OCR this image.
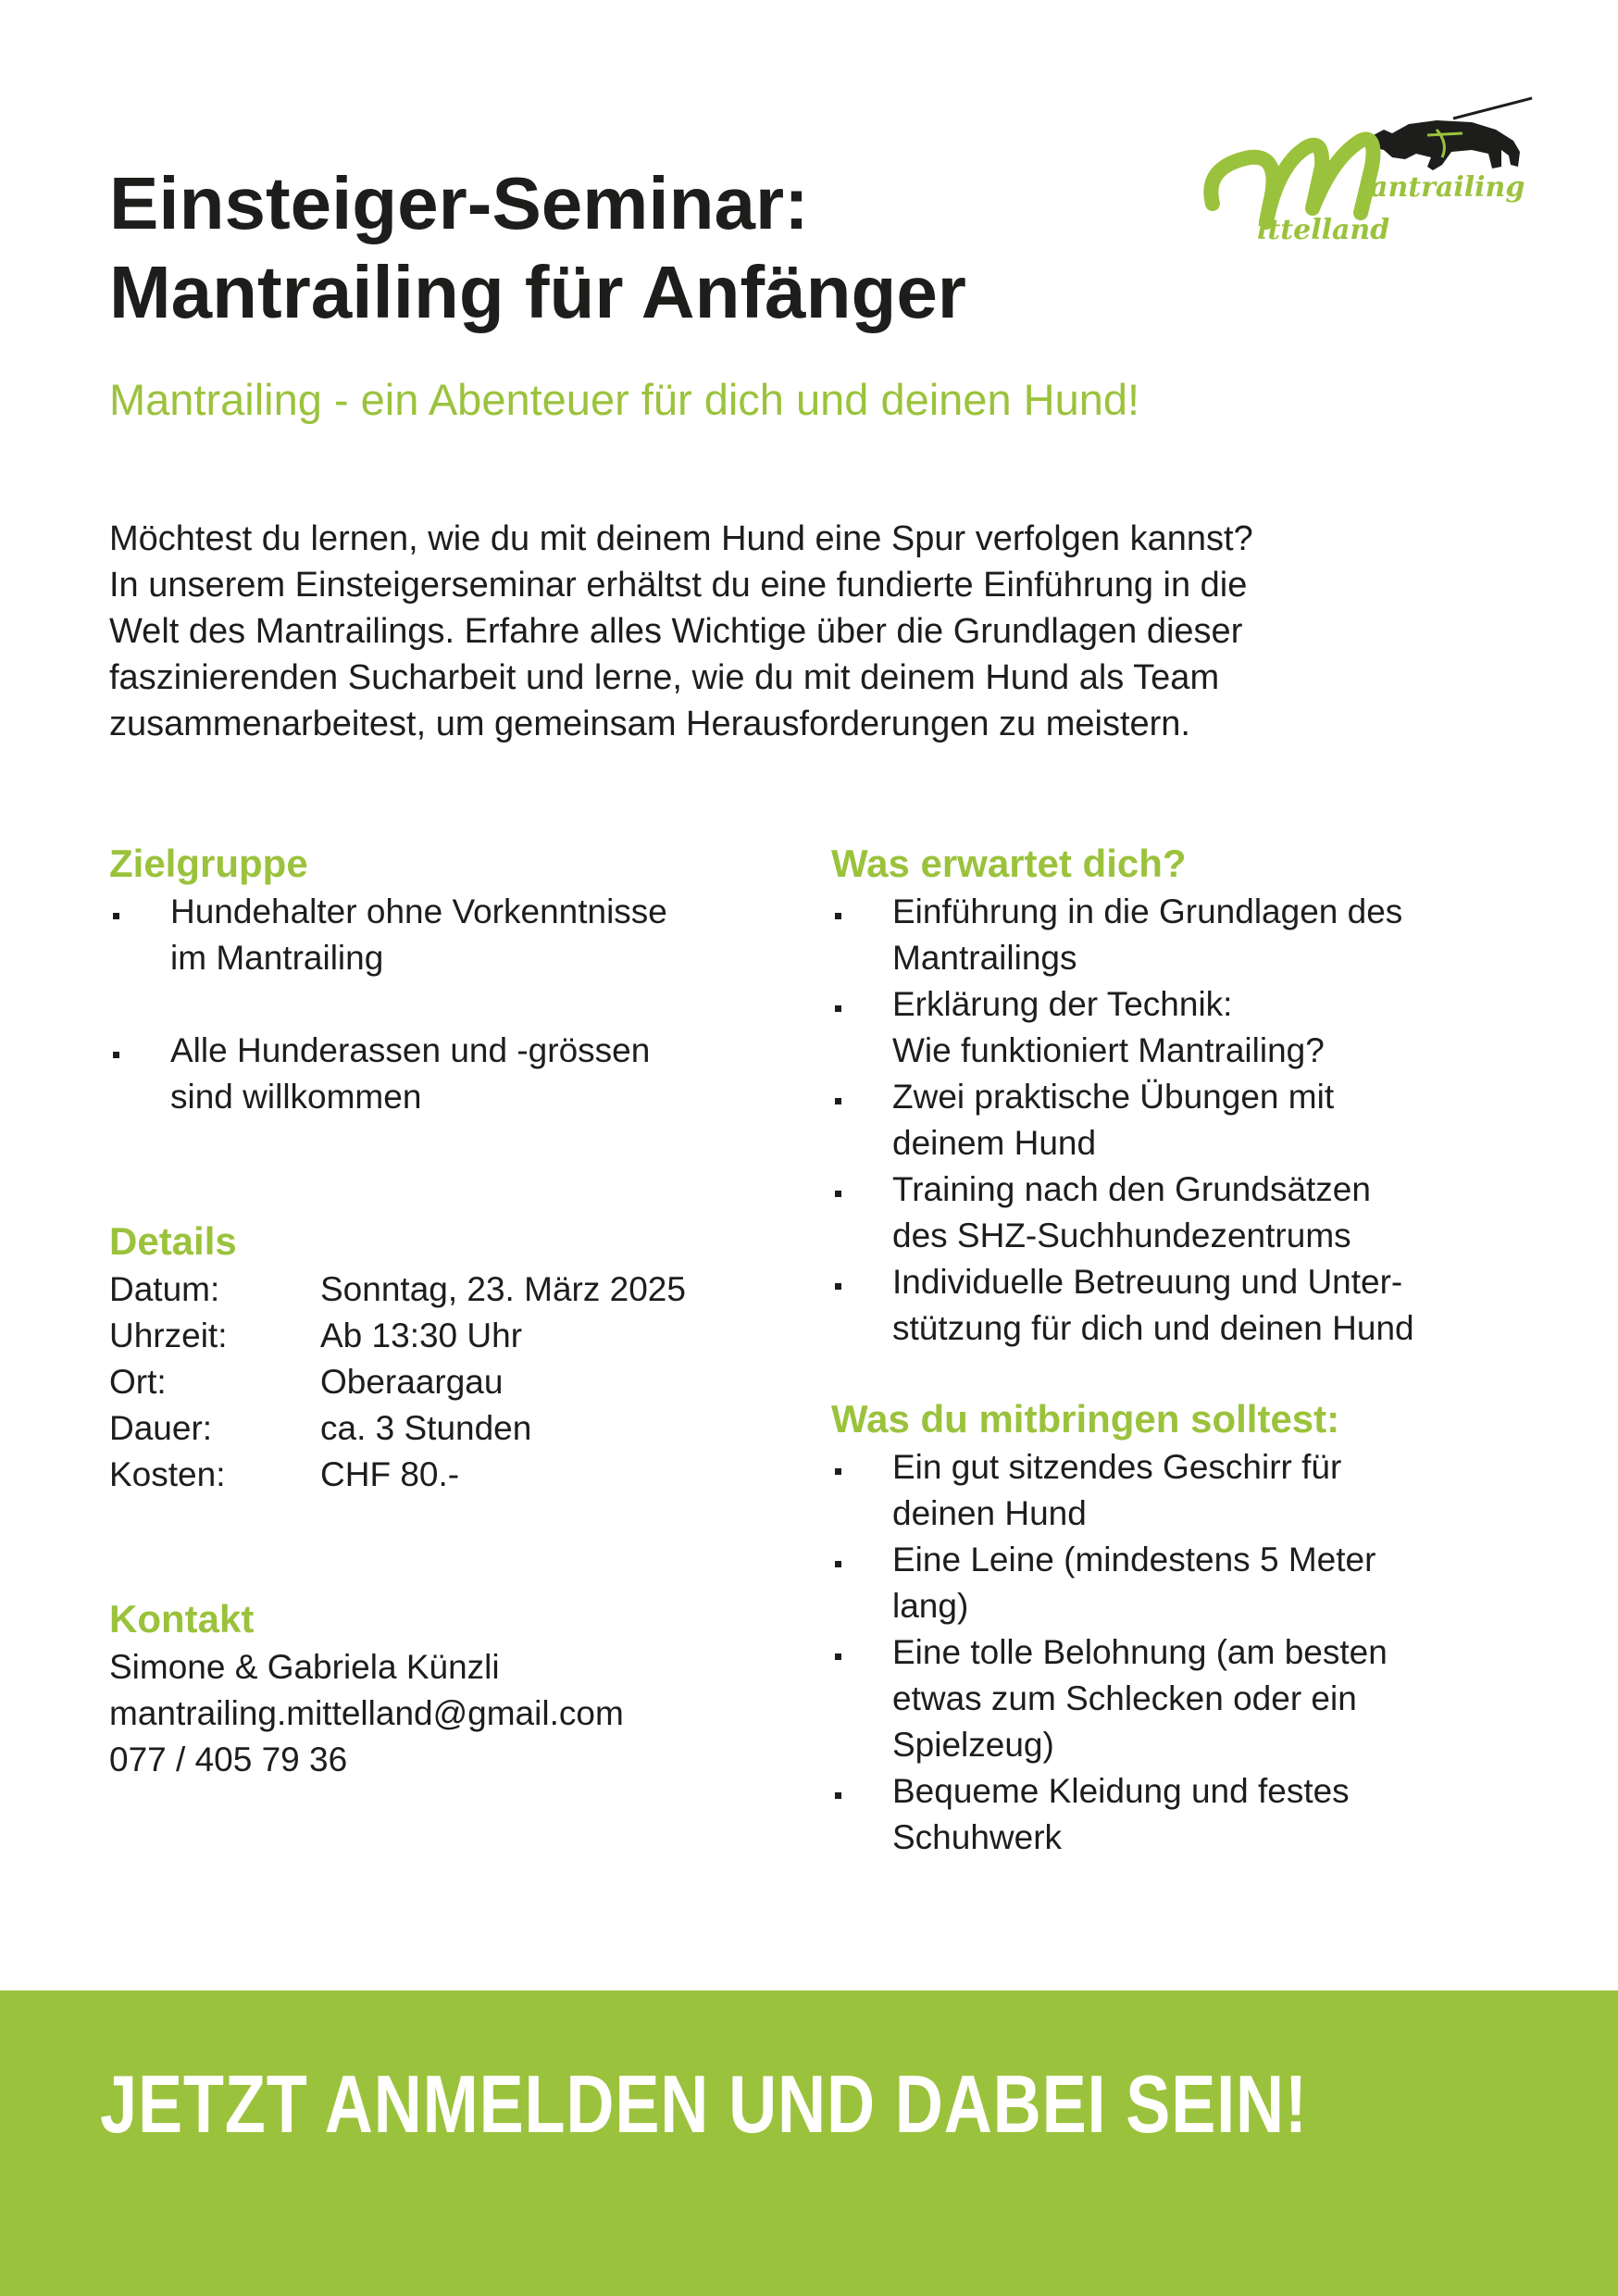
antrailing
ittelland
Einsteiger-Seminar:
Mantrailing für Anfänger
Mantrailing - ein Abenteuer für dich und deinen Hund!
Möchtest du lernen, wie du mit deinem Hund eine Spur verfolgen kannst?
In unserem Einsteigerseminar erhältst du eine fundierte Einführung in die
Welt des Mantrailings. Erfahre alles Wichtige über die Grundlagen dieser
faszinierenden Sucharbeit und lerne, wie du mit deinem Hund als Team
zusammenarbeitest, um gemeinsam Herausforderungen zu meistern.
Zielgruppe
Hundehalter ohne Vorkenntnisse
im Mantrailing
Alle Hunderassen und -grössen
sind willkommen
Details
Datum:	Sonntag, 23. März 2025
Uhrzeit:	Ab 13:30 Uhr
Ort:	Oberaargau
Dauer:	ca. 3 Stunden
Kosten:	CHF 80.-
Kontakt
Simone & Gabriela Künzli
mantrailing.mittelland@gmail.com
077 / 405 79 36
Was erwartet dich?
Einführung in die Grundlagen des
Mantrailings
Erklärung der Technik:
Wie funktioniert Mantrailing?
Zwei praktische Übungen mit
deinem Hund
Training nach den Grundsätzen
des SHZ-Suchhundezentrums
Individuelle Betreuung und Unter-
stützung für dich und deinen Hund
Was du mitbringen solltest:
Ein gut sitzendes Geschirr für
deinen Hund
Eine Leine (mindestens 5 Meter
lang)
Eine tolle Belohnung (am besten
etwas zum Schlecken oder ein
Spielzeug)
Bequeme Kleidung und festes
Schuhwerk
JETZT ANMELDEN UND DABEI SEIN!
